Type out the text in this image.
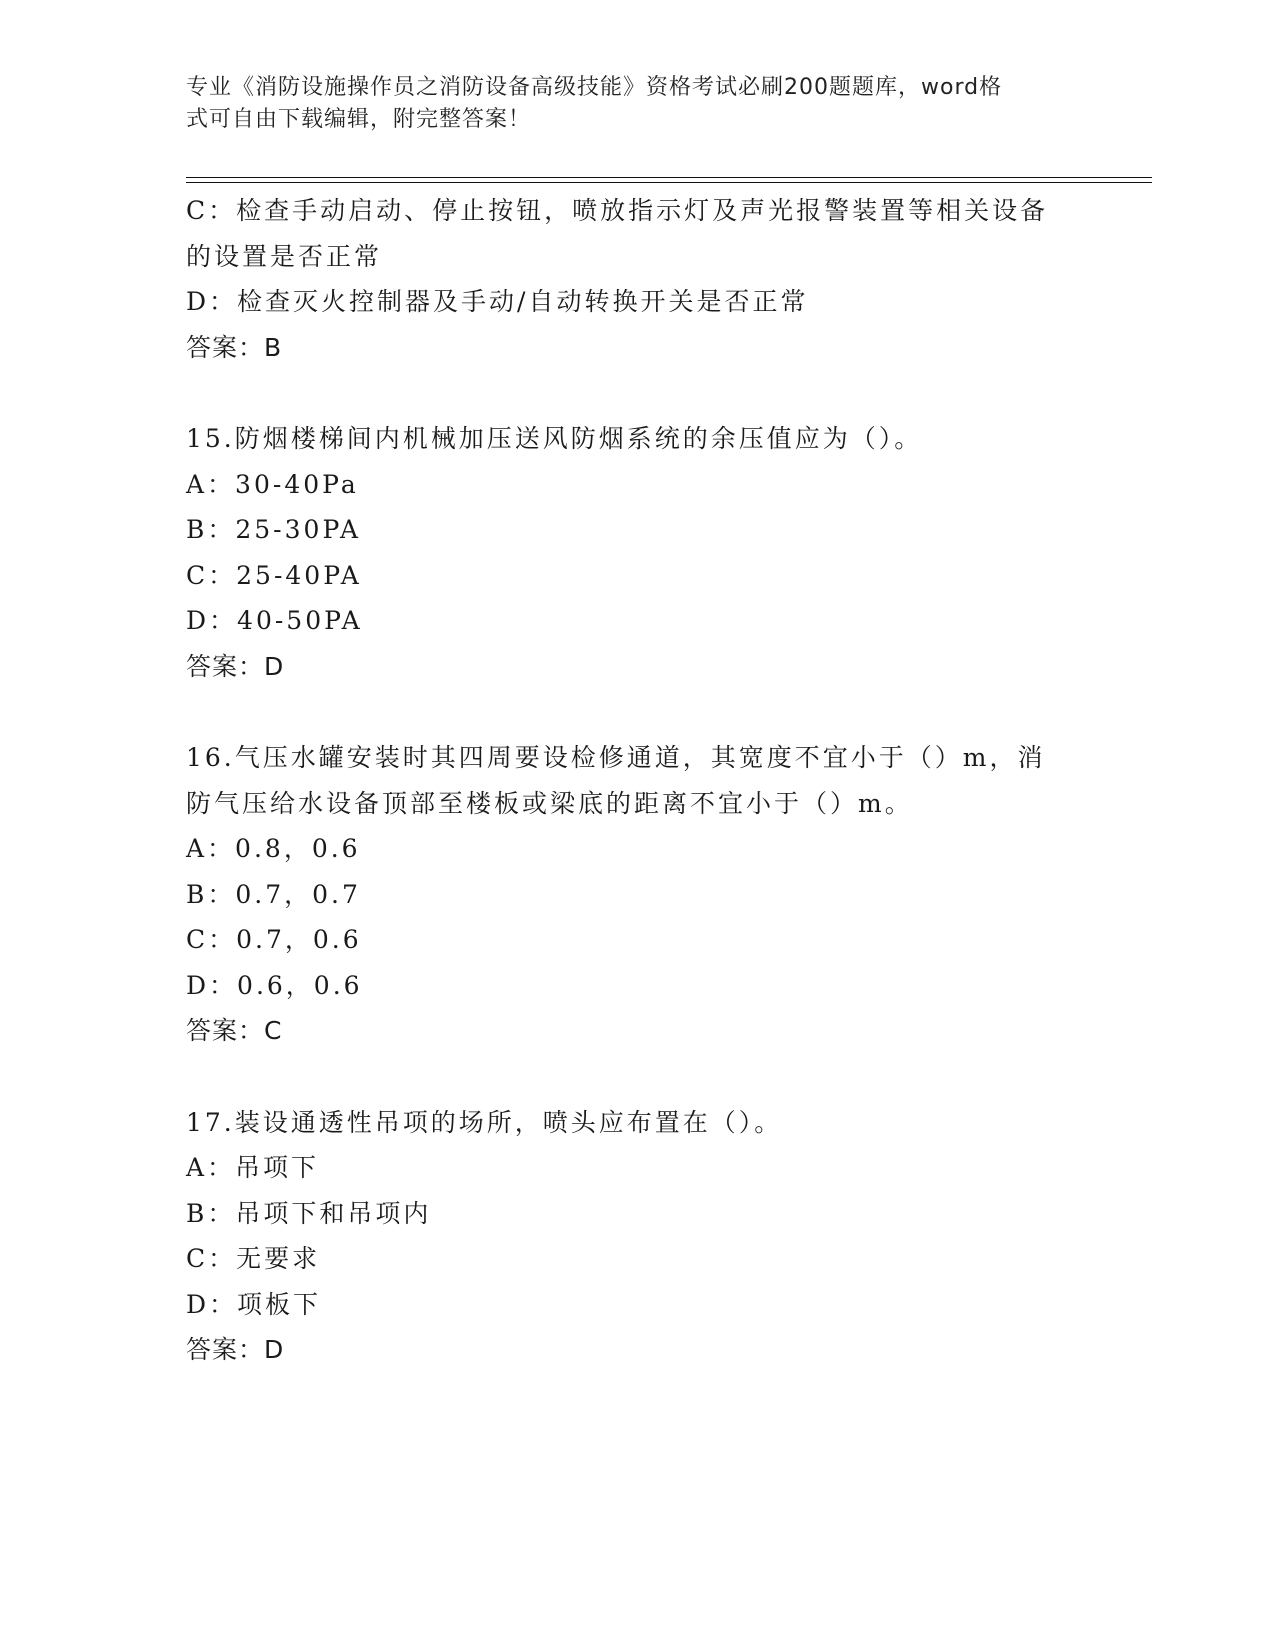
专业《消防设施操作员之消防设备高级技能》资格考试必刷200题题库，word格
式可自由下载编辑，附完整答案！
C：检查手动启动、停止按钮，喷放指示灯及声光报警装置等相关设备
的设置是否正常
D：检查灭火控制器及手动/自动转换开关是否正常
答案：B
15.防烟楼梯间内机械加压送风防烟系统的余压值应为（）。
A：30-40Pa
B：25-30PA
C：25-40PA
D：40-50PA
答案：D
16.气压水罐安装时其四周要设检修通道，其宽度不宜小于（）m，消
防气压给水设备顶部至楼板或梁底的距离不宜小于（）m。
A：0.8，0.6
B：0.7，0.7
C：0.7，0.6
D：0.6，0.6
答案：C
17.装设通透性吊项的场所，喷头应布置在（）。
A：吊项下
B：吊项下和吊项内
C：无要求
D：项板下
答案：D
